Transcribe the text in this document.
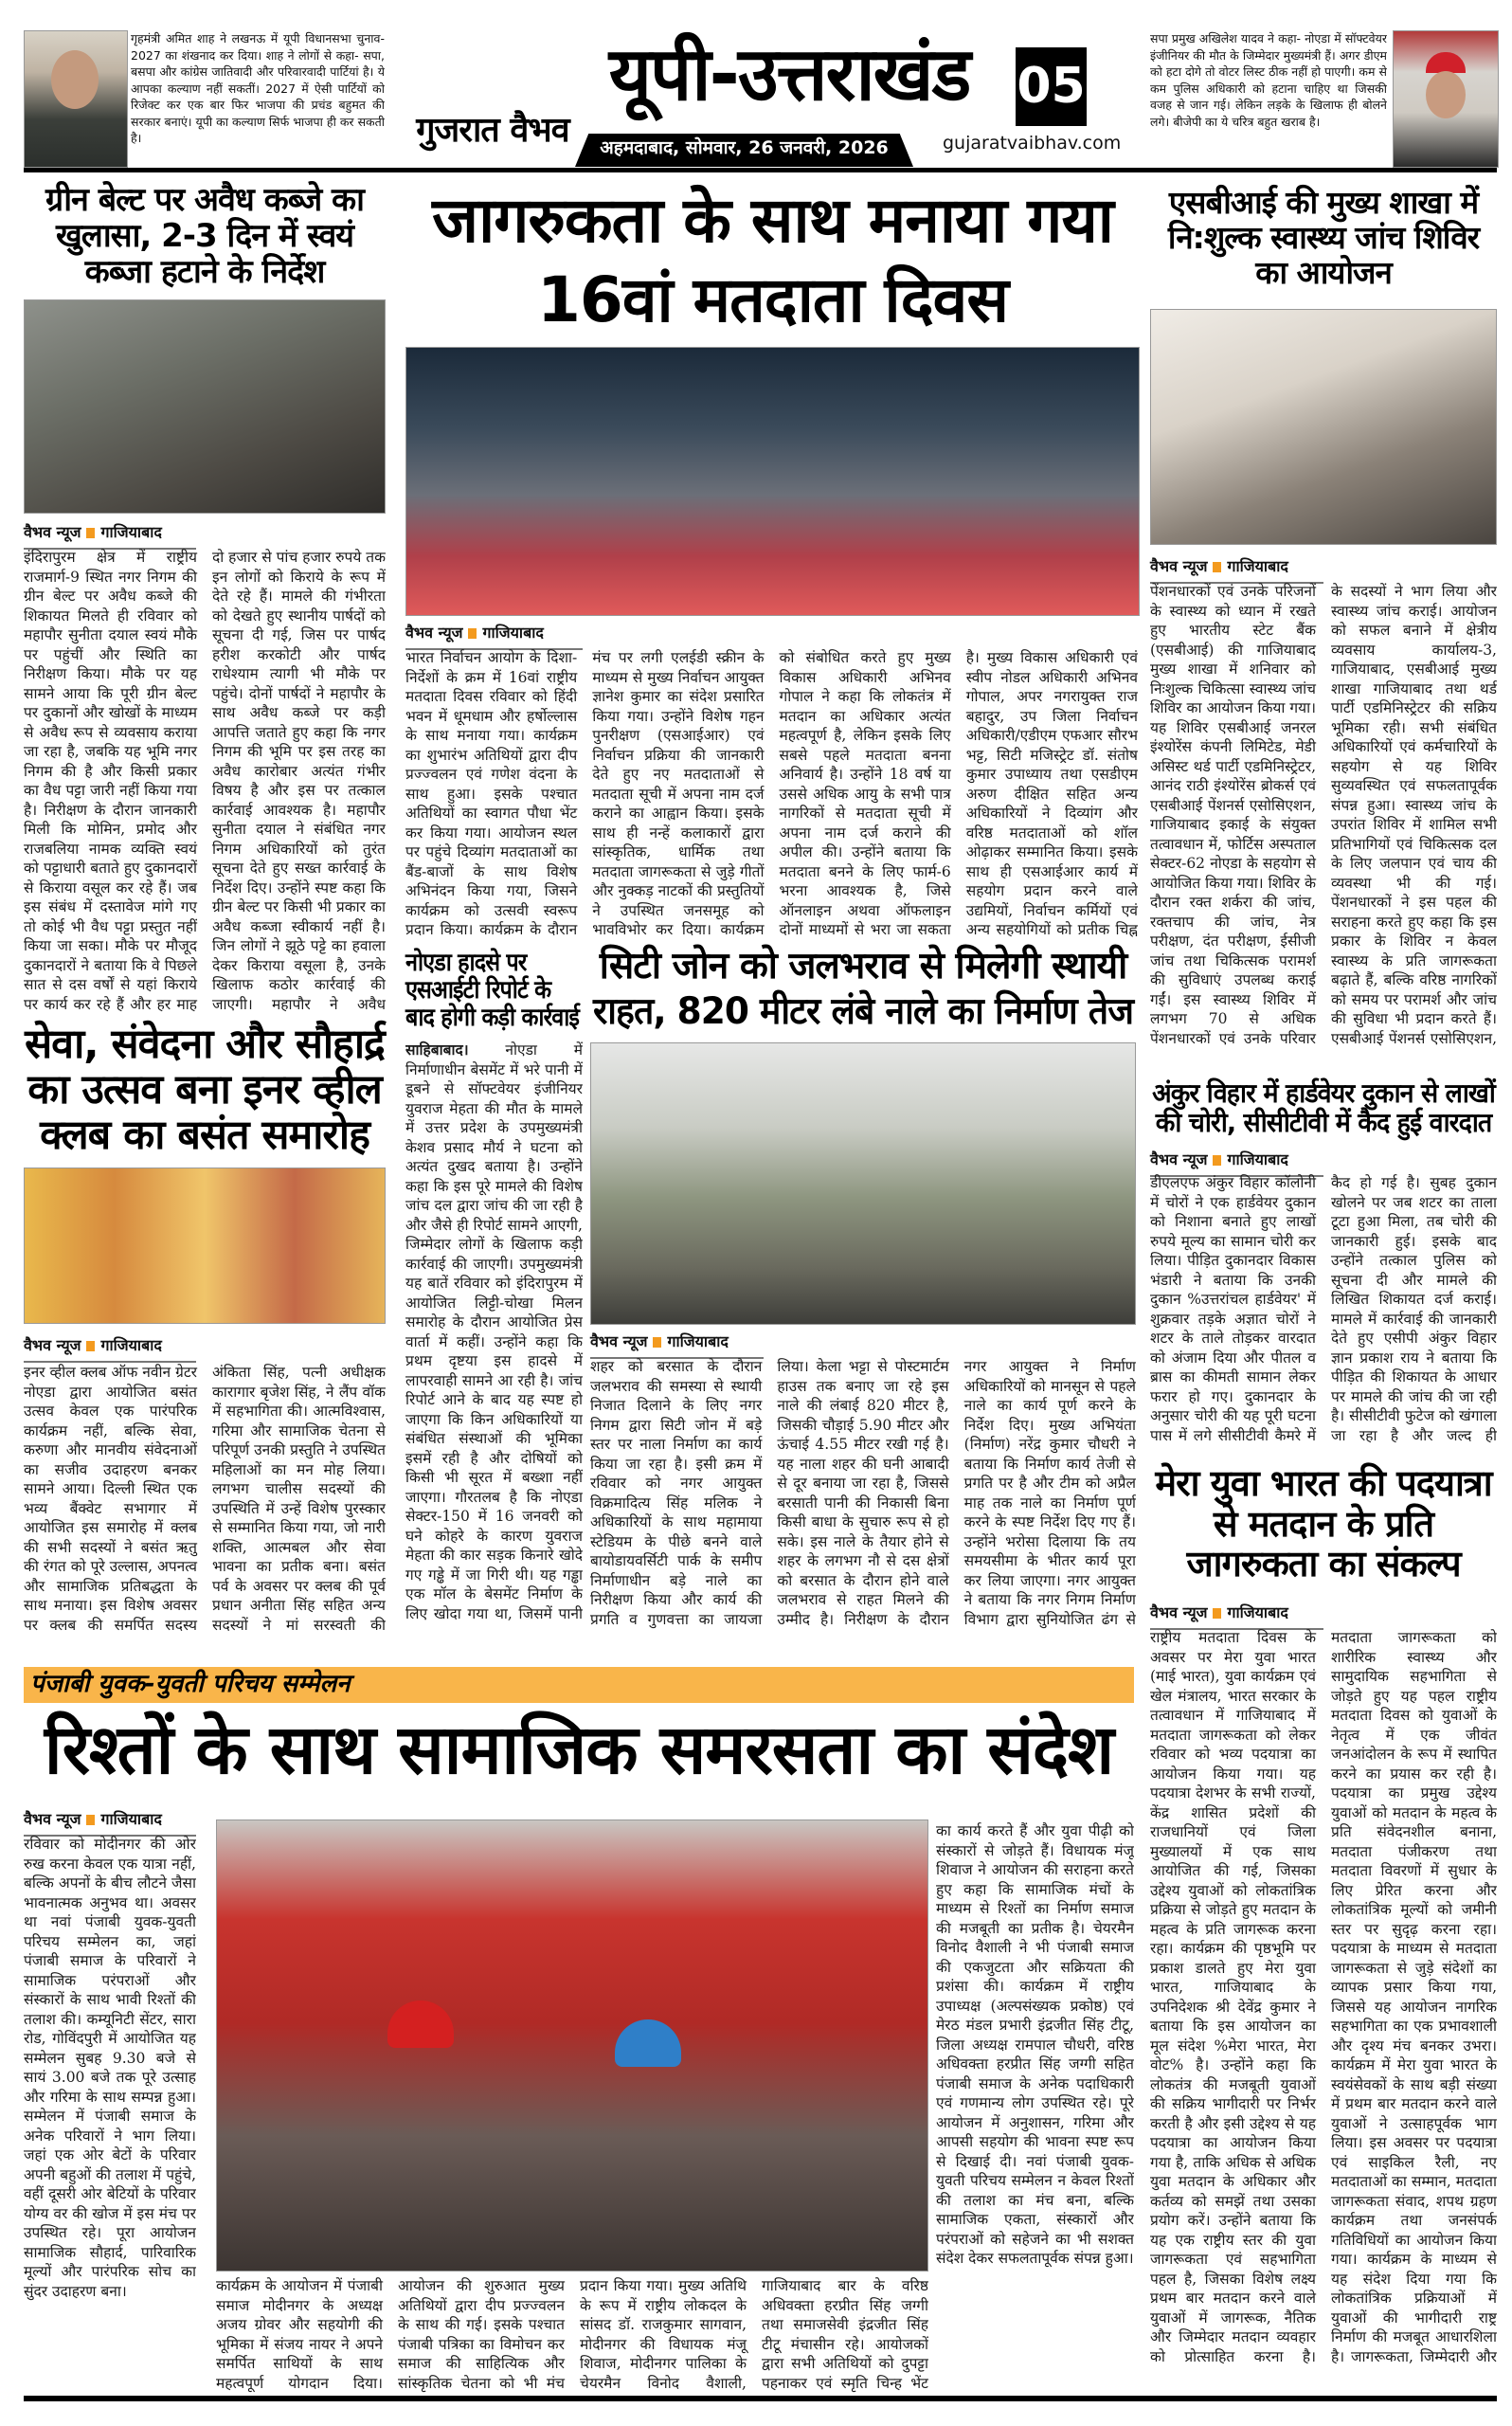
गृहमंत्री अमित शाह ने लखनऊ में यूपी विधानसभा चुनाव- 2027 का शंखनाद कर दिया। शाह ने लोगों से कहा- सपा, बसपा और कांग्रेस जातिवादी और परिवारवादी पार्टियां है। ये आपका कल्याण नहीं सकतीं। 2027 में ऐसी पार्टियों को रिजेक्ट कर एक बार फिर भाजपा की प्रचंड बहुमत की सरकार बनाएं। यूपी का कल्याण सिर्फ भाजपा ही कर सकती है।	गुजरात वैभव
यूपी-उत्तराखंड
अहमदाबाद, सोमवार, 26 जनवरी, 2026
05
gujaratvaibhav.com
सपा प्रमुख अखिलेश यादव ने कहा- नोएडा में सॉफ्टवेयर इंजीनियर की मौत के जिम्मेदार मुख्यमंत्री हैं। अगर डीएम को हटा दोगे तो वोटर लिस्ट ठीक नहीं हो पाएगी। कम से कम पुलिस अधिकारी को हटाना चाहिए था जिसकी वजह से जान गई। लेकिन लड़के के खिलाफ ही बोलने लगे। बीजेपी का ये चरित्र बहुत खराब है।
ग्रीन बेल्ट पर अवैध कब्जे का खुलासा, 2-3 दिन में स्वयं कब्जा हटाने के निर्देश
वैभव न्यूज गाजियाबाद
इंदिरापुरम क्षेत्र में राष्ट्रीय राजमार्ग-9 स्थित नगर निगम की ग्रीन बेल्ट पर अवैध कब्जे की शिकायत मिलते ही रविवार को महापौर सुनीता दयाल स्वयं मौके पर पहुंचीं और स्थिति का निरीक्षण किया। मौके पर यह सामने आया कि पूरी ग्रीन बेल्ट पर दुकानों और खोखों के माध्यम से अवैध रूप से व्यवसाय कराया जा रहा है, जबकि यह भूमि नगर निगम की है और किसी प्रकार का वैध पट्टा जारी नहीं किया गया है। निरीक्षण के दौरान जानकारी मिली कि मोमिन, प्रमोद और राजबलिया नामक व्यक्ति स्वयं को पट्टाधारी बताते हुए दुकानदारों से किराया वसूल कर रहे हैं। जब इस संबंध में दस्तावेज मांगे गए तो कोई भी वैध पट्टा प्रस्तुत नहीं किया जा सका। मौके पर मौजूद दुकानदारों ने बताया कि वे पिछले सात से दस वर्षों से यहां किराये पर कार्य कर रहे हैं और हर माह दो हजार से पांच हजार रुपये तक इन लोगों को किराये के रूप में देते रहे हैं। मामले की गंभीरता को देखते हुए स्थानीय पार्षदों को सूचना दी गई, जिस पर पार्षद हरीश करकोटी और पार्षद राधेश्याम त्यागी भी मौके पर पहुंचे। दोनों पार्षदों ने महापौर के साथ अवैध कब्जे पर कड़ी आपत्ति जताते हुए कहा कि नगर निगम की भूमि पर इस तरह का अवैध कारोबार अत्यंत गंभीर विषय है और इस पर तत्काल कार्रवाई आवश्यक है। महापौर सुनीता दयाल ने संबंधित नगर निगम अधिकारियों को तुरंत सूचना देते हुए सख्त कार्रवाई के निर्देश दिए। उन्होंने स्पष्ट कहा कि ग्रीन बेल्ट पर किसी भी प्रकार का अवैध कब्जा स्वीकार्य नहीं है। जिन लोगों ने झूठे पट्टे का हवाला देकर किराया वसूला है, उनके खिलाफ कठोर कार्रवाई की जाएगी। महापौर ने अवैध
सेवा, संवेदना और सौहार्द्र का उत्सव बना इनर व्हील क्लब का बसंत समारोह
वैभव न्यूज गाजियाबाद
इनर व्हील क्लब ऑफ नवीन ग्रेटर नोएडा द्वारा आयोजित बसंत उत्सव केवल एक पारंपरिक कार्यक्रम नहीं, बल्कि सेवा, करुणा और मानवीय संवेदनाओं का सजीव उदाहरण बनकर सामने आया। दिल्ली स्थित एक भव्य बैंक्वेट सभागार में आयोजित इस समारोह में क्लब की सभी सदस्यों ने बसंत ऋतु की रंगत को पूरे उल्लास, अपनत्व और सामाजिक प्रतिबद्धता के साथ मनाया। इस विशेष अवसर पर क्लब की समर्पित सदस्य अंकिता सिंह, पत्नी अधीक्षक कारागार बृजेश सिंह, ने लैंप वॉक में सहभागिता की। आत्मविश्वास, गरिमा और सामाजिक चेतना से परिपूर्ण उनकी प्रस्तुति ने उपस्थित महिलाओं का मन मोह लिया। लगभग चालीस सदस्यों की उपस्थिति में उन्हें विशेष पुरस्कार से सम्मानित किया गया, जो नारी शक्ति, आत्मबल और सेवा भावना का प्रतीक बना। बसंत पर्व के अवसर पर क्लब की पूर्व प्रधान अनीता सिंह सहित अन्य सदस्यों ने मां सरस्वती की
जागरुकता के साथ मनाया गया
16वां मतदाता दिवस
वैभव न्यूज गाजियाबाद
भारत निर्वाचन आयोग के दिशा-निर्देशों के क्रम में 16वां राष्ट्रीय मतदाता दिवस रविवार को हिंदी भवन में धूमधाम और हर्षोल्लास के साथ मनाया गया। कार्यक्रम का शुभारंभ अतिथियों द्वारा दीप प्रज्ज्वलन एवं गणेश वंदना के साथ हुआ। इसके पश्चात अतिथियों का स्वागत पौधा भेंट कर किया गया। आयोजन स्थल पर पहुंचे दिव्यांग मतदाताओं का बैंड-बाजों के साथ विशेष अभिनंदन किया गया, जिसने कार्यक्रम को उत्सवी स्वरूप प्रदान किया। कार्यक्रम के दौरान मंच पर लगी एलईडी स्क्रीन के माध्यम से मुख्य निर्वाचन आयुक्त ज्ञानेश कुमार का संदेश प्रसारित किया गया। उन्होंने विशेष गहन पुनरीक्षण (एसआईआर) एवं निर्वाचन प्रक्रिया की जानकारी देते हुए नए मतदाताओं से मतदाता सूची में अपना नाम दर्ज कराने का आह्वान किया। इसके साथ ही नन्हें कलाकारों द्वारा सांस्कृतिक, धार्मिक तथा मतदाता जागरूकता से जुड़े गीतों और नुक्कड़ नाटकों की प्रस्तुतियों ने उपस्थित जनसमूह को भावविभोर कर दिया। कार्यक्रम को संबोधित करते हुए मुख्य विकास अधिकारी अभिनव गोपाल ने कहा कि लोकतंत्र में मतदान का अधिकार अत्यंत महत्वपूर्ण है, लेकिन इसके लिए सबसे पहले मतदाता बनना अनिवार्य है। उन्होंने 18 वर्ष या उससे अधिक आयु के सभी पात्र नागरिकों से मतदाता सूची में अपना नाम दर्ज कराने की अपील की। उन्होंने बताया कि मतदाता बनने के लिए फार्म-6 भरना आवश्यक है, जिसे ऑनलाइन अथवा ऑफलाइन दोनों माध्यमों से भरा जा सकता है। मुख्य विकास अधिकारी एवं स्वीप नोडल अधिकारी अभिनव गोपाल, अपर नगरायुक्त राज बहादुर, उप जिला निर्वाचन अधिकारी/एडीएम एफआर सौरभ भट्ट, सिटी मजिस्ट्रेट डॉ. संतोष कुमार उपाध्याय तथा एसडीएम अरुण दीक्षित सहित अन्य अधिकारियों ने दिव्यांग और वरिष्ठ मतदाताओं को शॉल ओढ़ाकर सम्मानित किया। इसके साथ ही एसआईआर कार्य में सहयोग प्रदान करने वाले उद्यमियों, निर्वाचन कर्मियों एवं अन्य सहयोगियों को प्रतीक चिह्न
नोएडा हादसे पर एसआईटी रिपोर्ट के बाद होगी कड़ी कार्रवाई
साहिबाबाद।	नोएडा में निर्माणाधीन बेसमेंट में भरे पानी में डूबने से सॉफ्टवेयर इंजीनियर युवराज मेहता की मौत के मामले में उत्तर प्रदेश के उपमुख्यमंत्री केशव प्रसाद मौर्य ने घटना को अत्यंत दुखद बताया है। उन्होंने कहा कि इस पूरे मामले की विशेष जांच दल द्वारा जांच की जा रही है और जैसे ही रिपोर्ट सामने आएगी, जिम्मेदार लोगों के खिलाफ कड़ी कार्रवाई की जाएगी। उपमुख्यमंत्री यह बातें रविवार को इंदिरापुरम में आयोजित लिट्टी-चोखा मिलन समारोह के दौरान आयोजित प्रेस वार्ता में कहीं। उन्होंने कहा कि प्रथम दृष्टया इस हादसे में लापरवाही सामने आ रही है। जांच रिपोर्ट आने के बाद यह स्पष्ट हो जाएगा कि किन अधिकारियों या संबंधित संस्थाओं की भूमिका इसमें रही है और दोषियों को किसी भी सूरत में बख्शा नहीं जाएगा। गौरतलब है कि नोएडा सेक्टर-150 में 16 जनवरी को घने कोहरे के कारण युवराज मेहता की कार सड़क किनारे खोदे गए गड्ढे में जा गिरी थी। यह गड्ढा एक मॉल के बेसमेंट निर्माण के लिए खोदा गया था, जिसमें पानी
सिटी जोन को जलभराव से मिलेगी स्थायी
राहत, 820 मीटर लंबे नाले का निर्माण तेज
वैभव न्यूज गाजियाबाद
शहर को बरसात के दौरान जलभराव की समस्या से स्थायी निजात दिलाने के लिए नगर निगम द्वारा सिटी जोन में बड़े स्तर पर नाला निर्माण का कार्य किया जा रहा है। इसी क्रम में रविवार को नगर आयुक्त विक्रमादित्य सिंह मलिक ने अधिकारियों के साथ महामाया स्टेडियम के पीछे बनने वाले बायोडायवर्सिटी पार्क के समीप निर्माणाधीन बड़े नाले का निरीक्षण किया और कार्य की प्रगति व गुणवत्ता का जायजा लिया। केला भट्टा से पोस्टमार्टम हाउस तक बनाए जा रहे इस नाले की लंबाई 820 मीटर है, जिसकी चौड़ाई 5.90 मीटर और ऊंचाई 4.55 मीटर रखी गई है। यह नाला शहर की घनी आबादी से दूर बनाया जा रहा है, जिससे बरसाती पानी की निकासी बिना किसी बाधा के सुचारु रूप से हो सके। इस नाले के तैयार होने से शहर के लगभग नौ से दस क्षेत्रों को बरसात के दौरान होने वाले जलभराव से राहत मिलने की उम्मीद है। निरीक्षण के दौरान नगर आयुक्त ने निर्माण अधिकारियों को मानसून से पहले नाले का कार्य पूर्ण करने के निर्देश दिए। मुख्य अभियंता (निर्माण) नरेंद्र कुमार चौधरी ने बताया कि निर्माण कार्य तेजी से प्रगति पर है और टीम को अप्रैल माह तक नाले का निर्माण पूर्ण करने के स्पष्ट निर्देश दिए गए हैं। उन्होंने भरोसा दिलाया कि तय समयसीमा के भीतर कार्य पूरा कर लिया जाएगा। नगर आयुक्त ने बताया कि नगर निगम निर्माण विभाग द्वारा सुनियोजित ढंग से
एसबीआई की मुख्य शाखा में नि:शुल्क स्वास्थ्य जांच शिविर का आयोजन
वैभव न्यूज गाजियाबाद
पेंशनधारकों एवं उनके परिजनों के स्वास्थ्य को ध्यान में रखते हुए भारतीय स्टेट बैंक (एसबीआई) की गाजियाबाद मुख्य शाखा में शनिवार को निःशुल्क चिकित्सा स्वास्थ्य जांच शिविर का आयोजन किया गया। यह शिविर एसबीआई जनरल इंश्योरेंस कंपनी लिमिटेड, मेडी असिस्ट थर्ड पार्टी एडमिनिस्ट्रेटर, आनंद राठी इंश्योरेंस ब्रोकर्स एवं एसबीआई पेंशनर्स एसोसिएशन, गाजियाबाद इकाई के संयुक्त तत्वावधान में, फोर्टिस अस्पताल सेक्टर-62 नोएडा के सहयोग से आयोजित किया गया। शिविर के दौरान रक्त शर्करा की जांच, रक्तचाप की जांच, नेत्र परीक्षण, दंत परीक्षण, ईसीजी जांच तथा चिकित्सक परामर्श की सुविधाएं उपलब्ध कराई गईं। इस स्वास्थ्य शिविर में लगभग 70 से अधिक पेंशनधारकों एवं उनके परिवार के सदस्यों ने भाग लिया और स्वास्थ्य जांच कराई। आयोजन को सफल बनाने में क्षेत्रीय व्यवसाय कार्यालय-3, गाजियाबाद, एसबीआई मुख्य शाखा गाजियाबाद तथा थर्ड पार्टी एडमिनिस्ट्रेटर की सक्रिय भूमिका रही। सभी संबंधित अधिकारियों एवं कर्मचारियों के सहयोग से यह शिविर सुव्यवस्थित एवं सफलतापूर्वक संपन्न हुआ। स्वास्थ्य जांच के उपरांत शिविर में शामिल सभी प्रतिभागियों एवं चिकित्सक दल के लिए जलपान एवं चाय की व्यवस्था भी की गई। पेंशनधारकों ने इस पहल की सराहना करते हुए कहा कि इस प्रकार के शिविर न केवल स्वास्थ्य के प्रति जागरूकता बढ़ाते हैं, बल्कि वरिष्ठ नागरिकों को समय पर परामर्श और जांच की सुविधा भी प्रदान करते हैं। एसबीआई पेंशनर्स एसोसिएशन,
अंकुर विहार में हार्डवेयर दुकान से लाखों की चोरी, सीसीटीवी में कैद हुई वारदात
वैभव न्यूज गाजियाबाद
डीएलएफ अंकुर विहार कॉलोनी में चोरों ने एक हार्डवेयर दुकान को निशाना बनाते हुए लाखों रुपये मूल्य का सामान चोरी कर लिया। पीड़ित दुकानदार विकास भंडारी ने बताया कि उनकी दुकान %उत्तरांचल हार्डवेयर' में शुक्रवार तड़के अज्ञात चोरों ने शटर के ताले तोड़कर वारदात को अंजाम दिया और पीतल व ब्रास का कीमती सामान लेकर फरार हो गए। दुकानदार के अनुसार चोरी की यह पूरी घटना पास में लगे सीसीटीवी कैमरे में कैद हो गई है। सुबह दुकान खोलने पर जब शटर का ताला टूटा हुआ मिला, तब चोरी की जानकारी हुई। इसके बाद उन्होंने तत्काल पुलिस को सूचना दी और मामले की लिखित शिकायत दर्ज कराई। मामले में कार्रवाई की जानकारी देते हुए एसीपी अंकुर विहार ज्ञान प्रकाश राय ने बताया कि पीड़ित की शिकायत के आधार पर मामले की जांच की जा रही है। सीसीटीवी फुटेज को खंगाला जा रहा है और जल्द ही
मेरा युवा भारत की पदयात्रा से मतदान के प्रति जागरुकता का संकल्प
वैभव न्यूज गाजियाबाद
राष्ट्रीय मतदाता दिवस के अवसर पर मेरा युवा भारत (माई भारत), युवा कार्यक्रम एवं खेल मंत्रालय, भारत सरकार के तत्वावधान में गाजियाबाद में मतदाता जागरूकता को लेकर रविवार को भव्य पदयात्रा का आयोजन किया गया। यह पदयात्रा देशभर के सभी राज्यों, केंद्र शासित प्रदेशों की राजधानियों एवं जिला मुख्यालयों में एक साथ आयोजित की गई, जिसका उद्देश्य युवाओं को लोकतांत्रिक प्रक्रिया से जोड़ते हुए मतदान के महत्व के प्रति जागरूक करना रहा। कार्यक्रम की पृष्ठभूमि पर प्रकाश डालते हुए मेरा युवा भारत, गाजियाबाद के उपनिदेशक श्री देवेंद्र कुमार ने बताया कि इस आयोजन का मूल संदेश %मेरा भारत, मेरा वोट% है। उन्होंने कहा कि लोकतंत्र की मजबूती युवाओं की सक्रिय भागीदारी पर निर्भर करती है और इसी उद्देश्य से यह पदयात्रा का आयोजन किया गया है, ताकि अधिक से अधिक युवा मतदान के अधिकार और कर्तव्य को समझें तथा उसका प्रयोग करें। उन्होंने बताया कि यह एक राष्ट्रीय स्तर की युवा जागरूकता एवं सहभागिता पहल है, जिसका विशेष लक्ष्य प्रथम बार मतदान करने वाले युवाओं में जागरूक, नैतिक और जिम्मेदार मतदान व्यवहार को प्रोत्साहित करना है। मतदाता जागरूकता को शारीरिक स्वास्थ्य और सामुदायिक सहभागिता से जोड़ते हुए यह पहल राष्ट्रीय मतदाता दिवस को युवाओं के नेतृत्व में एक जीवंत जनआंदोलन के रूप में स्थापित करने का प्रयास कर रही है। पदयात्रा का प्रमुख उद्देश्य युवाओं को मतदान के महत्व के प्रति संवेदनशील बनाना, मतदाता पंजीकरण तथा मतदाता विवरणों में सुधार के लिए प्रेरित करना और लोकतांत्रिक मूल्यों को जमीनी स्तर पर सुदृढ़ करना रहा। पदयात्रा के माध्यम से मतदाता जागरूकता से जुड़े संदेशों का व्यापक प्रसार किया गया, जिससे यह आयोजन नागरिक सहभागिता का एक प्रभावशाली और दृश्य मंच बनकर उभरा। कार्यक्रम में मेरा युवा भारत के स्वयंसेवकों के साथ बड़ी संख्या में प्रथम बार मतदान करने वाले युवाओं ने उत्साहपूर्वक भाग लिया। इस अवसर पर पदयात्रा एवं साइकिल रैली, नए मतदाताओं का सम्मान, मतदाता जागरूकता संवाद, शपथ ग्रहण कार्यक्रम तथा जनसंपर्क गतिविधियों का आयोजन किया गया। कार्यक्रम के माध्यम से यह संदेश दिया गया कि लोकतांत्रिक प्रक्रियाओं में युवाओं की भागीदारी राष्ट्र निर्माण की मजबूत आधारशिला है। जागरूकता, जिम्मेदारी और
पंजाबी युवक-युवती परिचय सम्मेलन
रिश्तों के साथ सामाजिक समरसता का संदेश
वैभव न्यूज गाजियाबाद
रविवार को मोदीनगर की ओर रुख करना केवल एक यात्रा नहीं, बल्कि अपनों के बीच लौटने जैसा भावनात्मक अनुभव था। अवसर था नवां पंजाबी युवक-युवती परिचय सम्मेलन का, जहां पंजाबी समाज के परिवारों ने सामाजिक परंपराओं और संस्कारों के साथ भावी रिश्तों की तलाश की। कम्यूनिटी सेंटर, सारा रोड, गोविंदपुरी में आयोजित यह सम्मेलन सुबह 9.30 बजे से सायं 3.00 बजे तक पूरे उत्साह और गरिमा के साथ सम्पन्न हुआ। सम्मेलन में पंजाबी समाज के अनेक परिवारों ने भाग लिया। जहां एक ओर बेटों के परिवार अपनी बहुओं की तलाश में पहुंचे, वहीं दूसरी ओर बेटियों के परिवार योग्य वर की खोज में इस मंच पर उपस्थित रहे। पूरा आयोजन सामाजिक सौहार्द, पारिवारिक मूल्यों और पारंपरिक सोच का सुंदर उदाहरण बना।
का कार्य करते हैं और युवा पीढ़ी को संस्कारों से जोड़ते हैं। विधायक मंजू शिवाज ने आयोजन की सराहना करते हुए कहा कि सामाजिक मंचों के माध्यम से रिश्तों का निर्माण समाज की मजबूती का प्रतीक है। चेयरमैन विनोद वैशाली ने भी पंजाबी समाज की एकजुटता और सक्रियता की प्रशंसा की। कार्यक्रम में राष्ट्रीय उपाध्यक्ष (अल्पसंख्यक प्रकोष्ठ) एवं मेरठ मंडल प्रभारी इंद्रजीत सिंह टीटू, जिला अध्यक्ष रामपाल चौधरी, वरिष्ठ अधिवक्ता हरप्रीत सिंह जग्गी सहित पंजाबी समाज के अनेक पदाधिकारी एवं गणमान्य लोग उपस्थित रहे। पूरे आयोजन में अनुशासन, गरिमा और आपसी सहयोग की भावना स्पष्ट रूप से दिखाई दी। नवां पंजाबी युवक-युवती परिचय सम्मेलन न केवल रिश्तों की तलाश का मंच बना, बल्कि सामाजिक एकता, संस्कारों और परंपराओं को सहेजने का भी सशक्त संदेश देकर सफलतापूर्वक संपन्न हुआ।
कार्यक्रम के आयोजन में पंजाबी समाज मोदीनगर के अध्यक्ष अजय ग्रोवर और सहयोगी की भूमिका में संजय नायर ने अपने समर्पित साथियों के साथ महत्वपूर्ण योगदान दिया। आयोजन की शुरुआत मुख्य अतिथियों द्वारा दीप प्रज्ज्वलन के साथ की गई। इसके पश्चात पंजाबी पत्रिका का विमोचन कर समाज की साहित्यिक और सांस्कृतिक चेतना को भी मंच प्रदान किया गया। मुख्य अतिथि के रूप में राष्ट्रीय लोकदल के सांसद डॉ. राजकुमार सागवान, मोदीनगर की विधायक मंजू शिवाज, मोदीनगर पालिका के चेयरमैन विनोद वैशाली, गाजियाबाद बार के वरिष्ठ अधिवक्ता हरप्रीत सिंह जग्गी तथा समाजसेवी इंद्रजीत सिंह टीटू मंचासीन रहे। आयोजकों द्वारा सभी अतिथियों को दुपट्टा पहनाकर एवं स्मृति चिन्ह भेंट
